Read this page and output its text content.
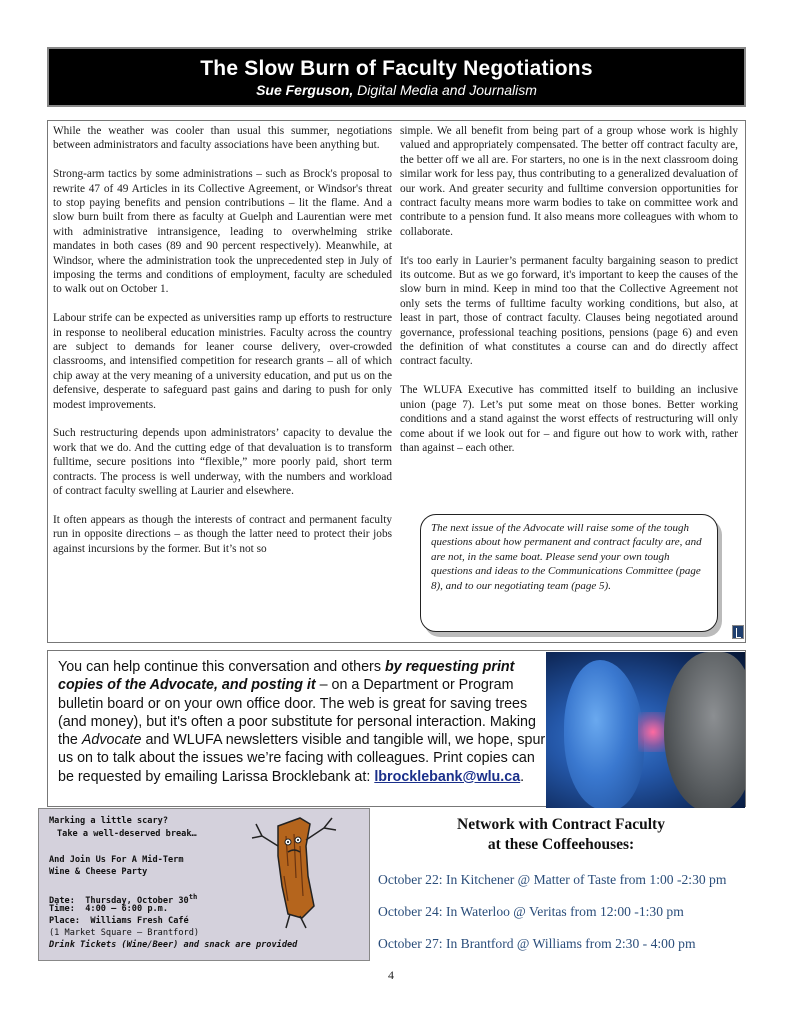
The Slow Burn of Faculty Negotiations
Sue Ferguson, Digital Media and Journalism

While the weather was cooler than usual this summer, negotiations between administrators and faculty associations have been anything but.

Strong-arm tactics by some administrations – such as Brock's proposal to rewrite 47 of 49 Articles in its Collective Agreement, or Windsor's threat to stop paying benefits and pension contributions – lit the flame. And a slow burn built from there as faculty at Guelph and Laurentian were met with administrative intransigence, leading to overwhelming strike mandates in both cases (89 and 90 percent respectively). Meanwhile, at Windsor, where the administration took the unprecedented step in July of imposing the terms and conditions of employment, faculty are scheduled to walk out on October 1.

Labour strife can be expected as universities ramp up efforts to restructure in response to neoliberal education ministries. Faculty across the country are subject to demands for leaner course delivery, over-crowded classrooms, and intensified competition for research grants – all of which chip away at the very meaning of a university education, and put us on the defensive, desperate to safeguard past gains and daring to push for only modest improvements.

Such restructuring depends upon administrators’ capacity to devalue the work that we do. And the cutting edge of that devaluation is to transform fulltime, secure positions into “flexible,” more poorly paid, short term contracts. The process is well underway, with the numbers and workload of contract faculty swelling at Laurier and elsewhere.

It often appears as though the interests of contract and permanent faculty run in opposite directions – as though the latter need to protect their jobs against incursions by the former. But it’s not so

simple. We all benefit from being part of a group whose work is highly valued and appropriately compensated. The better off contract faculty are, the better off we all are. For starters, no one is in the next classroom doing similar work for less pay, thus contributing to a generalized devaluation of our work. And greater security and fulltime conversion opportunities for contract faculty means more warm bodies to take on committee work and contribute to a pension fund. It also means more colleagues with whom to collaborate.

It's too early in Laurier’s permanent faculty bargaining season to predict its outcome. But as we go forward, it's important to keep the causes of the slow burn in mind. Keep in mind too that the Collective Agreement not only sets the terms of fulltime faculty working conditions, but also, at least in part, those of contract faculty. Clauses being negotiated around governance, professional teaching positions, pensions (page 6) and even the definition of what constitutes a course can and do directly affect contract faculty.

The WLUFA Executive has committed itself to building an inclusive union (page 7). Let’s put some meat on those bones. Better working conditions and a stand against the worst effects of restructuring will only come about if we look out for – and figure out how to work with, rather than against – each other.

The next issue of the Advocate will raise some of the tough questions about how permanent and contract faculty are, and are not, in the same boat. Please send your own tough questions and ideas to the Communications Committee (page 8), and to our negotiating team (page 5).
You can help continue this conversation and others by requesting print copies of the Advocate, and posting it – on a Department or Program bulletin board or on your own office door. The web is great for saving trees (and money), but it's often a poor substitute for personal interaction. Making the Advocate and WLUFA newsletters visible and tangible will, we hope, spur us on to talk about the issues we’re facing with colleagues. Print copies can be requested by emailing Larissa Brocklebank at: lbrocklebank@wlu.ca.
Marking a little scary?
Take a well-deserved break…
And Join Us For A Mid-Term
Wine & Cheese Party
Date: Thursday, October 30th
Time: 4:00 – 6:00 p.m.
Place: Williams Fresh Café
(1 Market Square – Brantford)
Drink Tickets (Wine/Beer) and snack are provided
Network with Contract Faculty
at these Coffeehouses:
October 22: In Kitchener @ Matter of Taste from 1:00 -2:30 pm
October 24: In Waterloo @ Veritas from 12:00 -1:30 pm
October 27: In Brantford @ Williams from 2:30 - 4:00 pm
4
